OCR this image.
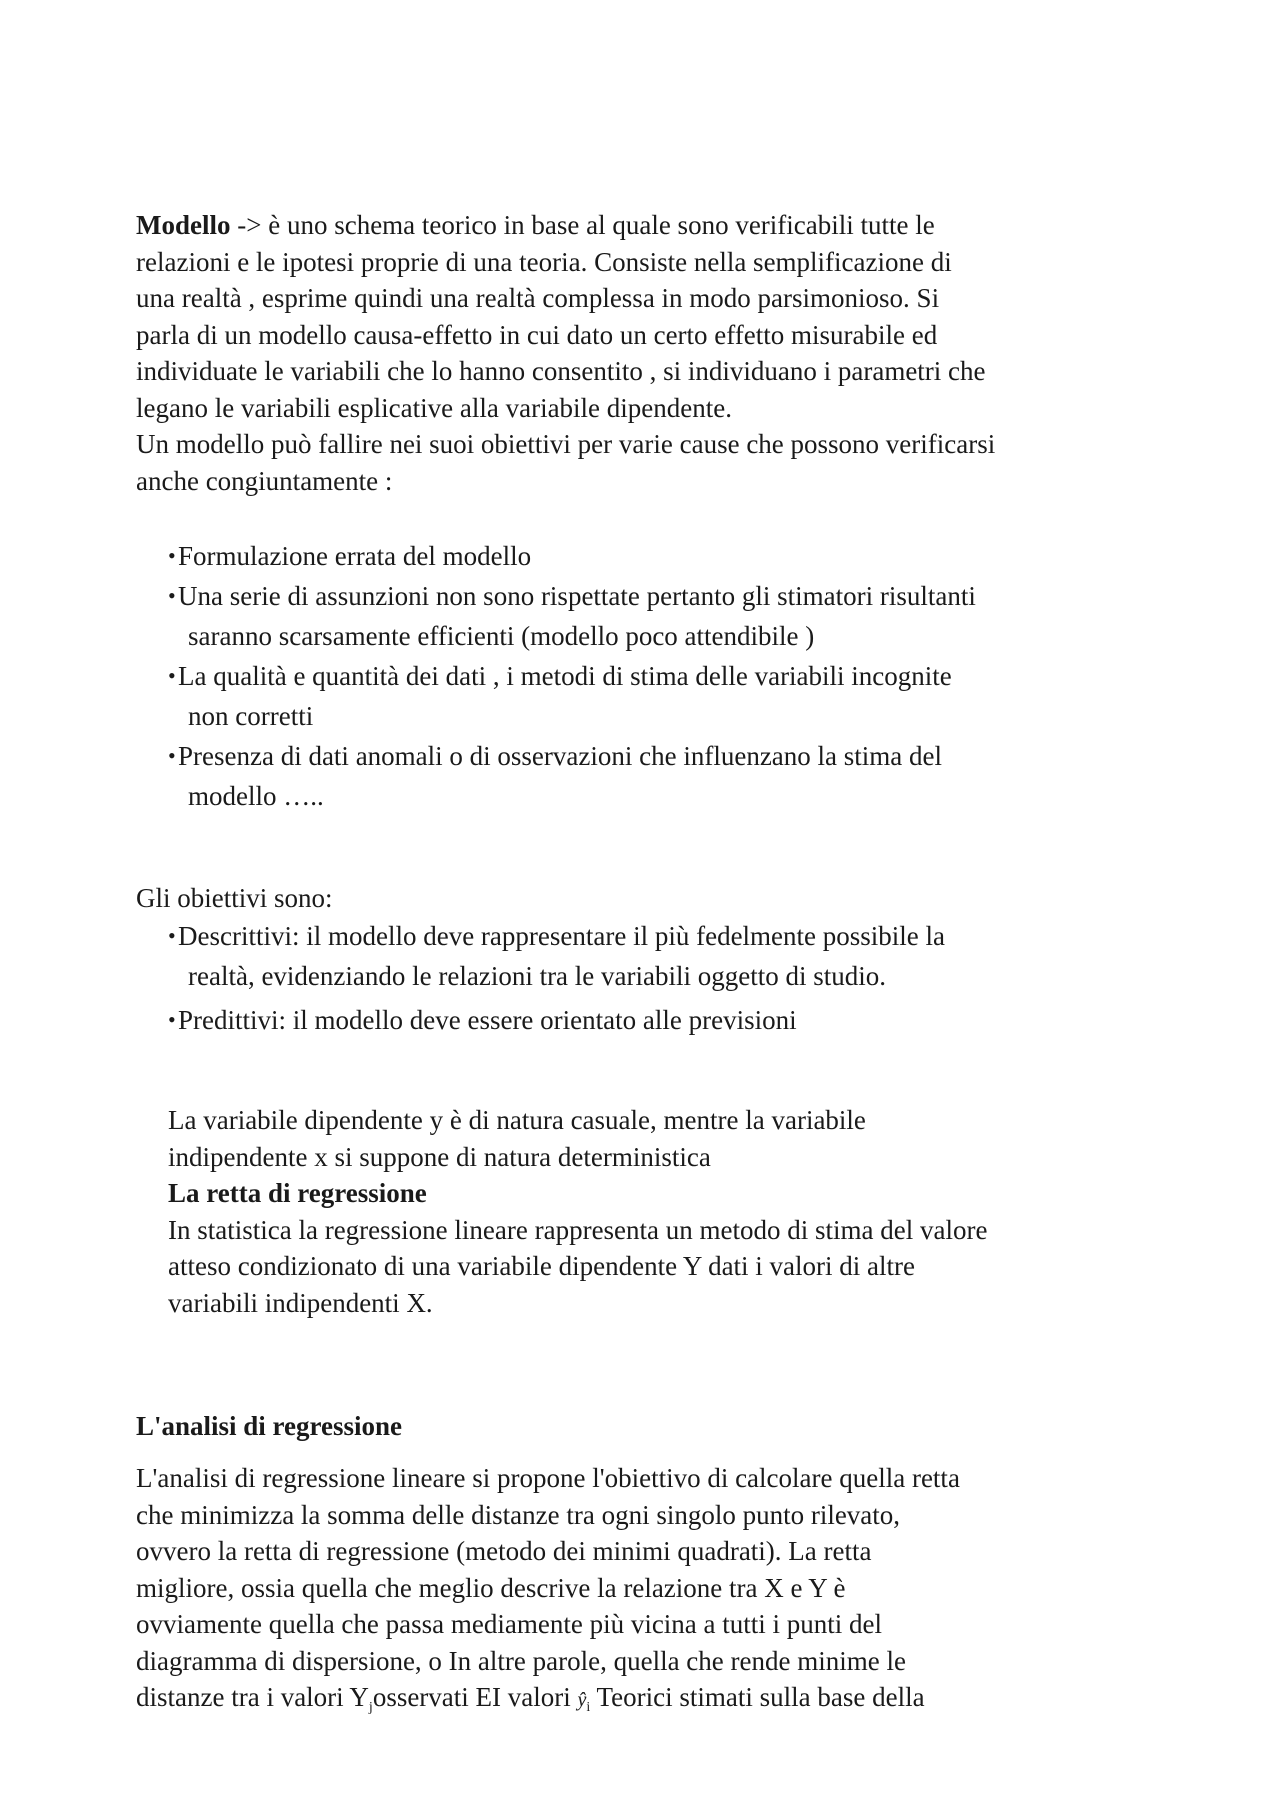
Modello -> è uno schema teorico in base al quale sono verificabili tutte le relazioni e le ipotesi proprie di una teoria. Consiste nella semplificazione di una realtà , esprime quindi una realtà complessa in modo parsimonioso. Si parla di un modello causa-effetto in cui dato un certo effetto misurabile ed individuate le variabili che lo hanno consentito , si individuano i parametri che legano le variabili esplicative alla variabile dipendente.

Un modello può fallire nei suoi obiettivi per varie cause che possono verificarsi anche congiuntamente :

• Formulazione errata del modello
• Una serie di assunzioni non sono rispettate pertanto gli stimatori risultanti saranno scarsamente efficienti (modello poco attendibile )
• La qualità e quantità dei dati , i metodi di stima delle variabili incognite non corretti
• Presenza di dati anomali o di osservazioni che influenzano la stima del modello …..

Gli obiettivi sono:

• Descrittivi: il modello deve rappresentare il più fedelmente possibile la realtà, evidenziando le relazioni tra le variabili oggetto di studio.
• Predittivi: il modello deve essere orientato alle previsioni

La variabile dipendente y è di natura casuale, mentre la variabile indipendente x si suppone di natura deterministica

La retta di regressione

In statistica la regressione lineare rappresenta un metodo di stima del valore atteso condizionato di una variabile dipendente Y dati i valori di altre variabili indipendenti X.

L'analisi di regressione

L'analisi di regressione lineare si propone l'obiettivo di calcolare quella retta che minimizza la somma delle distanze tra ogni singolo punto rilevato, ovvero la retta di regressione (metodo dei minimi quadrati). La retta migliore, ossia quella che meglio descrive la relazione tra X e Y è ovviamente quella che passa mediamente più vicina a tutti i punti del diagramma di dispersione, o In altre parole, quella che rende minime le distanze tra i valori $Y_josservati$ EI valori $ŷ_i$ Teorici stimati sulla base della
